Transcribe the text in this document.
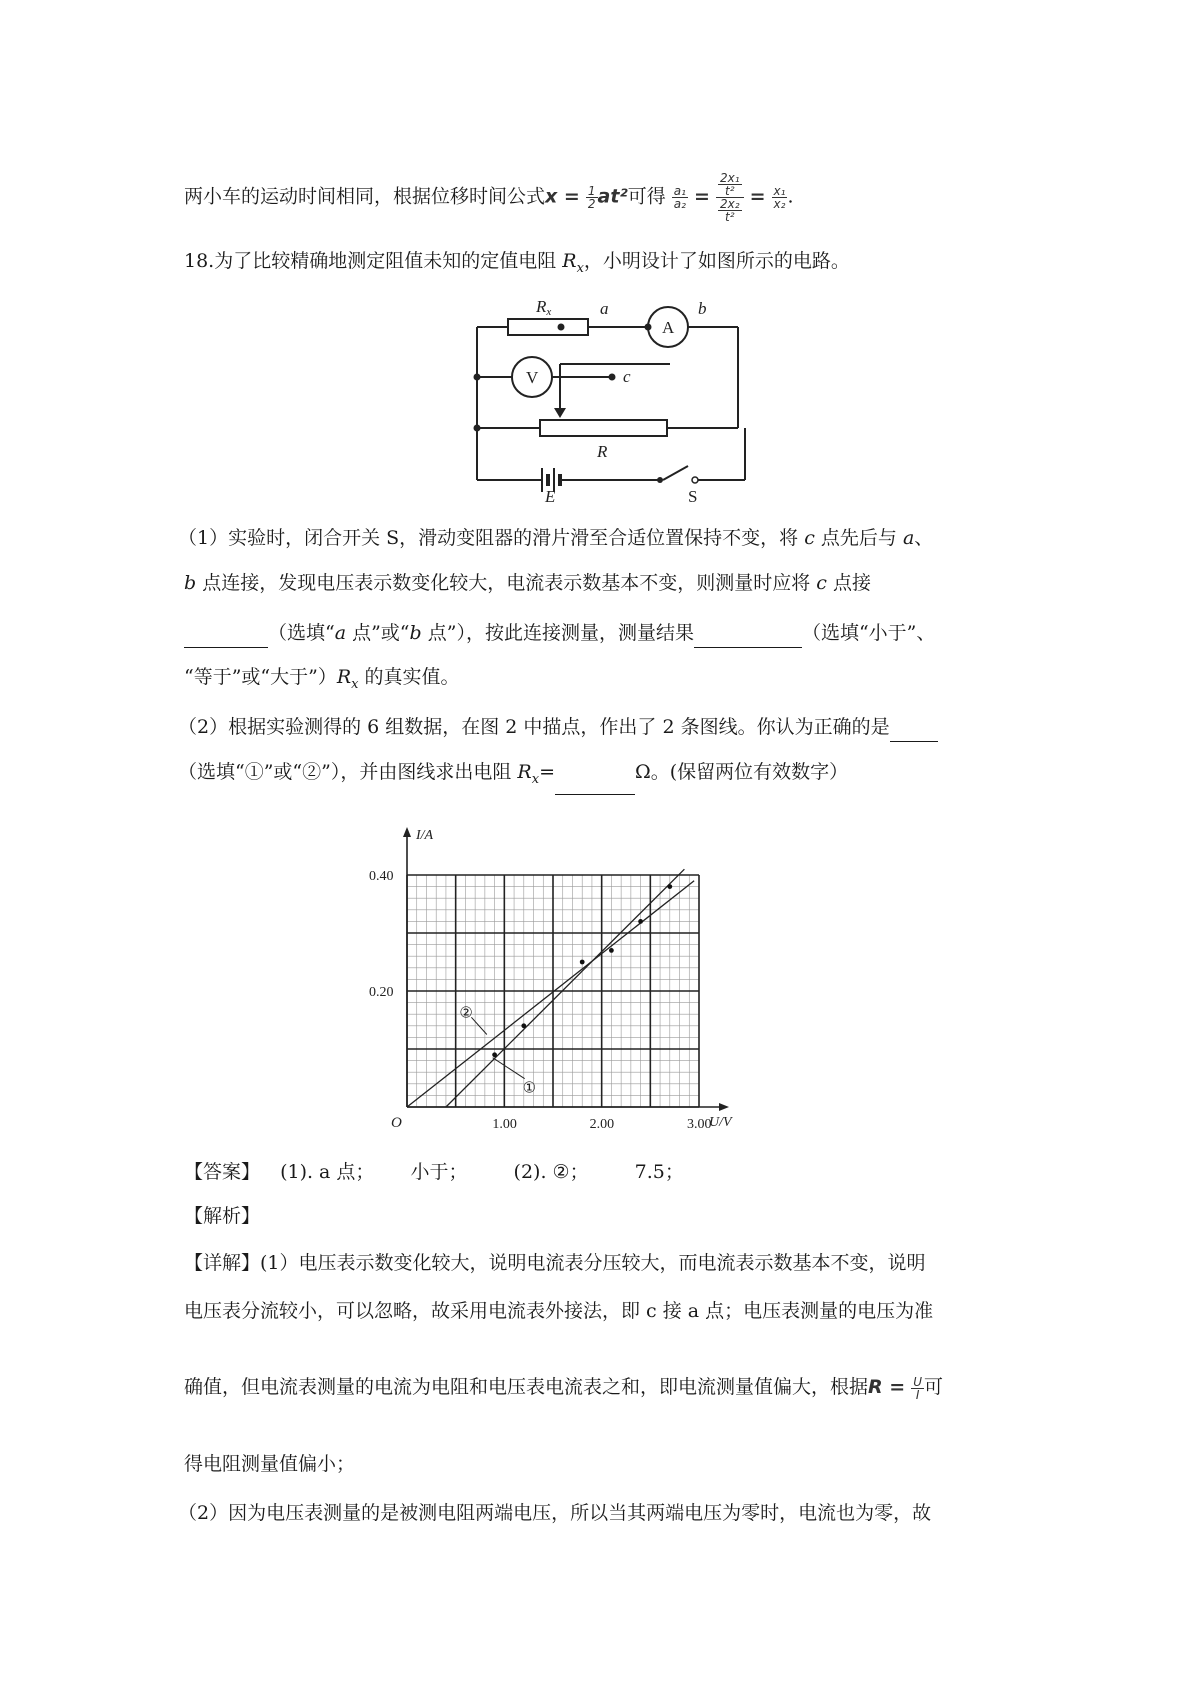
两小车的运动时间相同，根据位移时间公式$x = \frac{1}{2} at^2$可得 $\frac{\text{a₁}}{\text{a₂}} = \frac{\frac{\text{2x₁}}{\text{t²}}}{\frac{\text{2x₂}}{\text{t²}}} = \frac{\text{x₁}}{\text{x₂}}$ .
18.为了比较精确地测定阻值未知的定值电阻 $R_x$，小明设计了如图所示的电路。
Rx	a
A
b
V	c
R
E	S
（1）实验时，闭合开关 S，滑动变阻器的滑片滑至合适位置保持不变，将 c 点先后与 a、
b 点连接，发现电压表示数变化较大，电流表示数基本不变，则测量时应将 c 点接
（选填“a 点”或“b 点”），按此连接测量，测量结果	（选填“小于”、
“等于”或“大于$”)R_x$ 的真实值。
（2）根据实验测得的 6 组数据，在图 2 中描点，作出了 2 条图线。你认为正确的是
（选填“①”或“②”），并由图线求出电阻 $R_x=$	Ω。(保留两位有效数字）
②
①
1.00	2.00	3.00
0.20
0.40
O	U/V
I/A
【答案】 (1). a 点； 小于； (2). ②； 7.5；
【解析】
【详解】(1）电压表示数变化较大，说明电流表分压较大，而电流表示数基本不变，说明
电压表分流较小，可以忽略，故采用电流表外接法，即 c 接 a 点；电压表测量的电压为准
确值，但电流表测量的电流为电阻和电压表电流表之和，即电流测量值偏大，根据$R = \frac{U}{I}$ 可
得电阻测量值偏小；
（2）因为电压表测量的是被测电阻两端电压，所以当其两端电压为零时，电流也为零，故
